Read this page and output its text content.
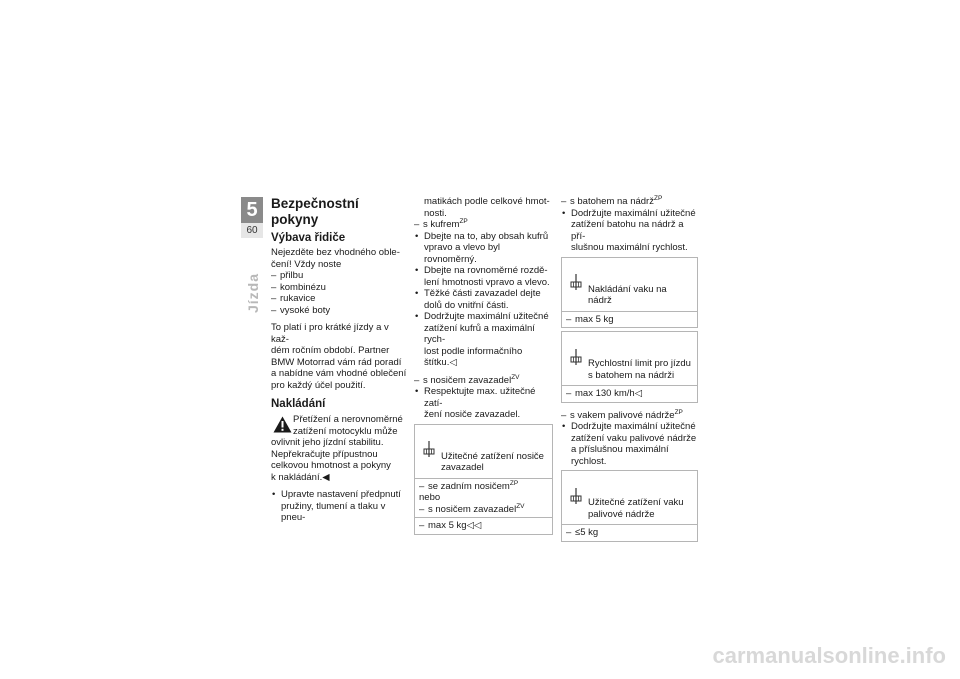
5
60
Jízda
Bezpečnostní pokyny
Výbava řidiče

Nejezděte bez vhodného oble-
čení! Vždy noste

– přilbu
– kombinézu
– rukavice
– vysoké boty

To platí i pro krátké jízdy a v kaž-
dém ročním období. Partner
BMW Motorrad vám rád poradí
a nabídne vám vhodné oblečení
pro každý účel použití.

Nakládání
Přetížení a nerovnoměrné
zatížení motocyklu může
ovlivnit jeho jízdní stabilitu.
Nepřekračujte přípustnou
celkovou hmotnost a pokyny
k nakládání.◀
• Upravte nastavení předpnutí
pružiny, tlumení a tlaku v pneu-

matikách podle celkové hmot-
nosti.

– s kufrem$^{ZP}$
• Dbejte na to, aby obsah kufrů
vpravo a vlevo byl rovnoměrný.
• Dbejte na rovnoměrné rozdě-
lení hmotnosti vpravo a vlevo.
• Těžké části zavazadel dejte
dolů do vnitřní části.
• Dodržujte maximální užitečné
zatížení kufrů a maximální rych-
lost podle informačního štítku.◁
– s nosičem zavazadel$^{ZV}$
• Respektujte max. užitečné zatí-
žení nosiče zavazadel.

Užitečné zatížení nosiče
zavazadel

– se zadním nosičem$^{ZP}$
nebo
– s nosičem zavazadel$^{ZV}$
– max 5 kg◁◁
– s batohem na nádrž$^{ZP}$
• Dodržujte maximální užitečné
zatížení batohu na nádrž a pří-
slušnou maximální rychlost.

Nakládání vaku na nádrž

– max 5 kg

Rychlostní limit pro jízdu
s batohem na nádrži

– max 130 km/h◁
– s vakem palivové nádrže$^{ZP}$
• Dodržujte maximální užitečné
zatížení vaku palivové nádrže
a příslušnou maximální rychlost.

Užitečné zatížení vaku
palivové nádrže

– ≤5 kg
carmanualsonline.info
